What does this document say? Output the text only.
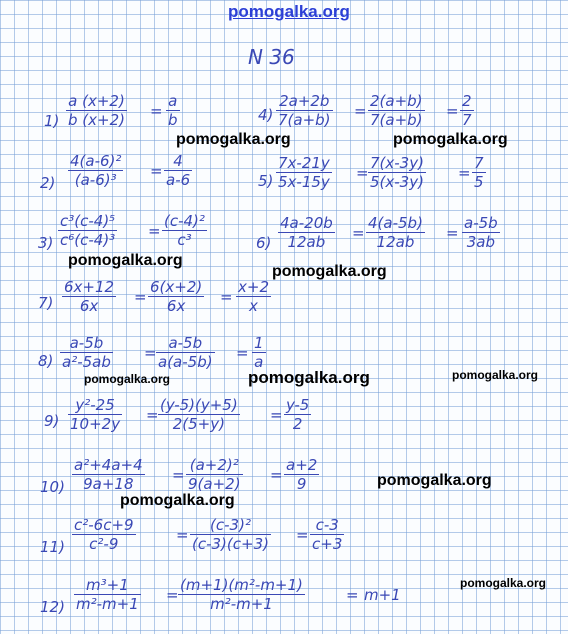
pomogalka.org
pomogalka.org	pomogalka.org
pomogalka.org
pomogalka.org
pomogalka.org	pomogalka.org	pomogalka.org
pomogalka.org
pomogalka.org
pomogalka.org
N 36
$1) \frac{a (x+2)}{b (x+2)} = \frac{a}{b}$	$4) \frac{2a+2b}{7(a+b)} = \frac{2(a+b)}{7(a+b)} = \frac{2}{7}$
$2) \frac{\text{4(a-6)²}}{\text{(a-6)³}} = \frac{4}{a-6}$	$5) \frac{7x-21y}{5x-15y} = \frac{7(x-3y)}{5(x-3y)} = \frac{7}{5}$
$3) \frac{\text{c³(c-4)⁵}}{\text{c⁶(c-4)³}} = \frac{\text{(c-4)²}}{\text{c³}}$	$6) \frac{4a-20b}{12ab} = \frac{4(a-5b)}{12ab} = \frac{a-5b}{3ab}$
$7) \frac{6x+12}{6x} = \frac{6(x+2)}{6x} = \frac{x+2}{x}$
$8) \frac{a-5b}{\text{a²-5ab}} = \frac{a-5b}{a(a-5b)} = \frac{1}{a}$
$9) \frac{\text{y²-25}}{10+2y} = \frac{(y-5)(y+5)}{2(5+y)} = \frac{y-5}{2}$
$10) \frac{\text{a²+4a+4}}{9a+18} = \frac{\text{(a+2)²}}{9(a+2)} = \frac{a+2}{9}$
$11) \frac{\text{c²-6c+9}}{\text{c²-9}}$	= $\frac{\text{(c-3)²}}{(c-3)(c+3)} = \frac{c-3}{c+3}$
$12) \frac{\text{m³+1}}{\text{m²-m+1}} = \frac{\text{(m+1)(m²-m+1)}}{\text{m²-m+1}}$	= m+1
